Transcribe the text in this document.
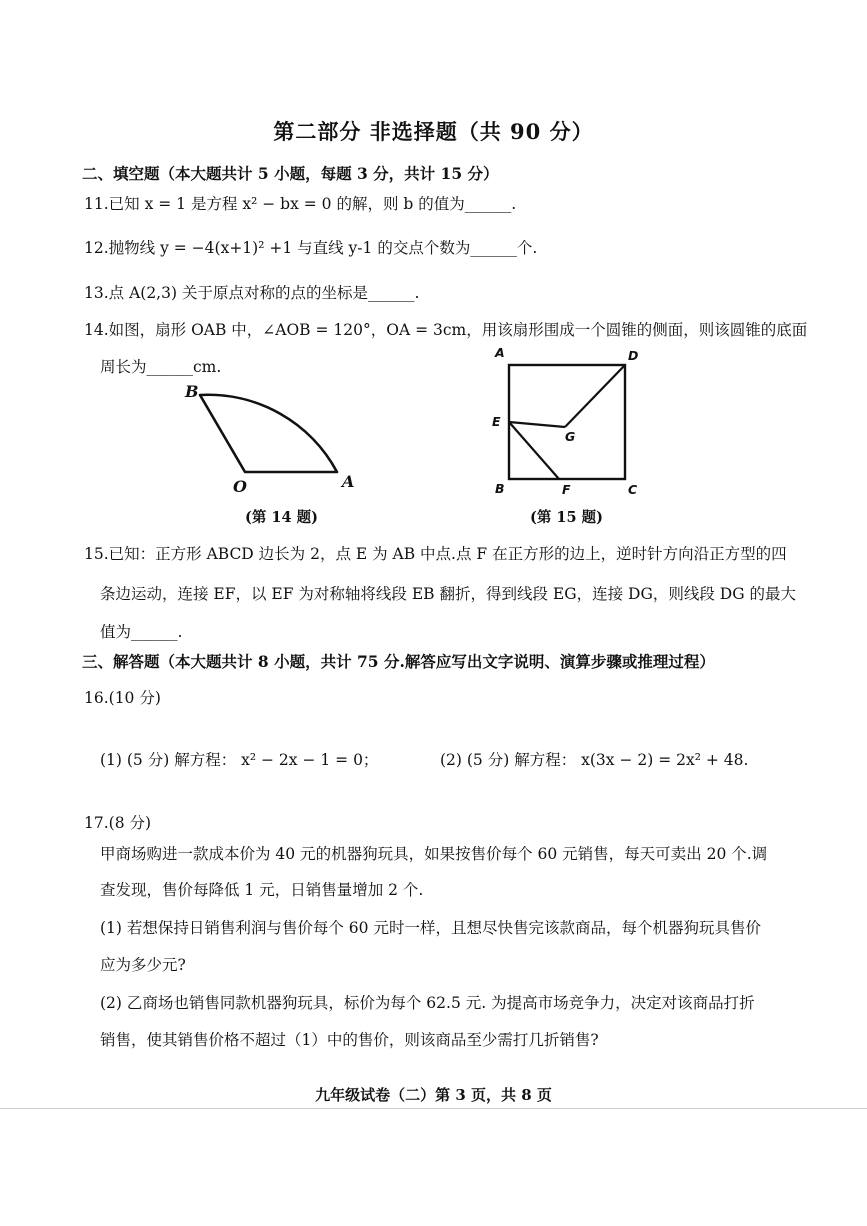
第二部分 非选择题（共 90 分）
二、填空题（本大题共计 5 小题，每题 3 分，共计 15 分）
11.已知 x = 1 是方程 x² − bx = 0 的解，则 b 的值为______.
12.抛物线 y = −4(x+1)² +1 与直线 y-1 的交点个数为______个.
13.点 A(2,3) 关于原点对称的点的坐标是______.
14.如图，扇形 OAB 中，∠AOB = 120°，OA = 3cm，用该扇形围成一个圆锥的侧面，则该圆锥的底面
周长为______cm.
B
O	A
(第 14 题)
A	D
E
G
B	F	C
(第 15 题)
15.已知：正方形 ABCD 边长为 2，点 E 为 AB 中点.点 F 在正方形的边上，逆时针方向沿正方型的四
条边运动，连接 EF，以 EF 为对称轴将线段 EB 翻折，得到线段 EG，连接 DG，则线段 DG 的最大
值为______.
三、解答题（本大题共计 8 小题，共计 75 分.解答应写出文字说明、演算步骤或推理过程）
16.(10 分)
(1) (5 分) 解方程： x² − 2x − 1 = 0；	(2) (5 分) 解方程： x(3x − 2) = 2x² + 48.
17.(8 分)
甲商场购进一款成本价为 40 元的机器狗玩具，如果按售价每个 60 元销售，每天可卖出 20 个.调
查发现，售价每降低 1 元，日销售量增加 2 个.
(1) 若想保持日销售利润与售价每个 60 元时一样，且想尽快售完该款商品，每个机器狗玩具售价
应为多少元?
(2) 乙商场也销售同款机器狗玩具，标价为每个 62.5 元. 为提高市场竞争力，决定对该商品打折
销售，使其销售价格不超过（1）中的售价，则该商品至少需打几折销售?
九年级试卷（二）第 3 页，共 8 页
